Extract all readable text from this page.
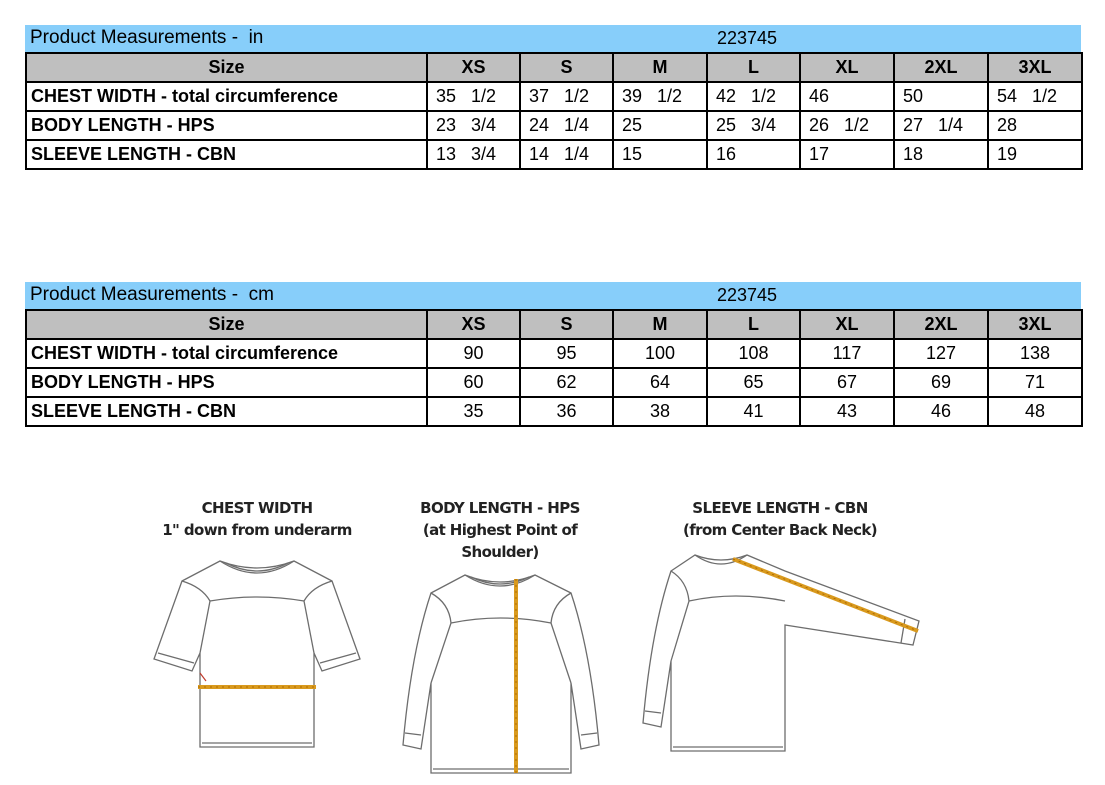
Product Measurements -  in	223745
Size	XS	S	M	L	XL	2XL	3XL
CHEST WIDTH - total circumference	35   1/2	37   1/2	39   1/2	42   1/2	46	50	54   1/2
BODY LENGTH - HPS	23   3/4	24   1/4	25	25   3/4	26   1/2	27   1/4	28
SLEEVE LENGTH - CBN	13   3/4	14   1/4	15	16	17	18	19
Product Measurements -  cm	223745
Size	XS	S	M	L	XL	2XL	3XL
CHEST WIDTH - total circumference	90	95	100	108	117	127	138
BODY LENGTH - HPS	60	62	64	65	67	69	71
SLEEVE LENGTH - CBN	35	36	38	41	43	46	48
CHEST WIDTH
1" down from underarm
BODY LENGTH - HPS
(at Highest Point of Shoulder)
SLEEVE LENGTH - CBN
(from Center Back Neck)
